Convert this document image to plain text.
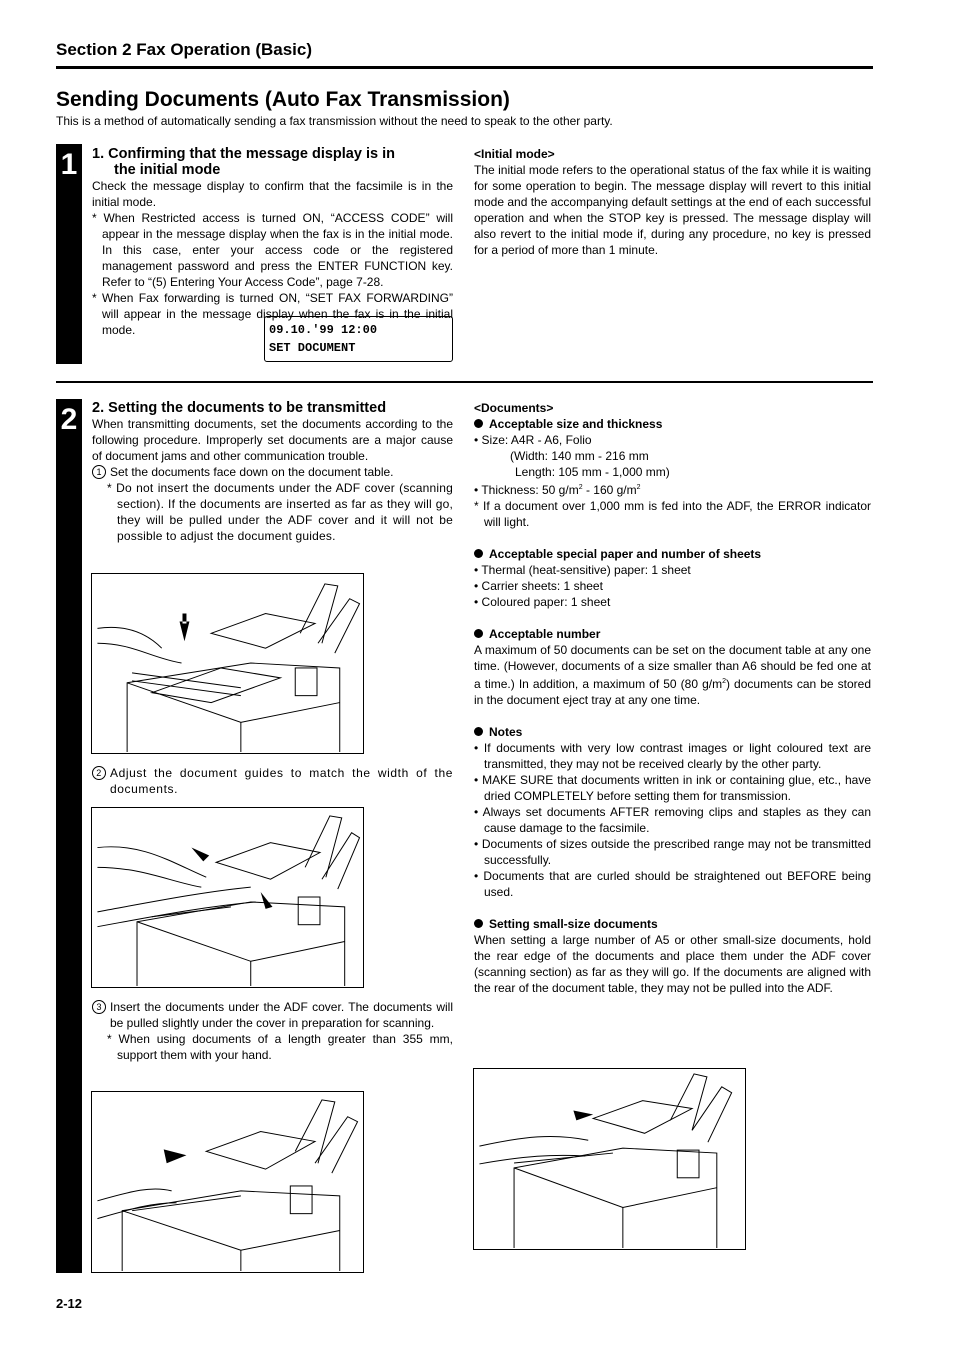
Section 2 Fax Operation (Basic)
Sending Documents (Auto Fax Transmission)
This is a method of automatically sending a fax transmission without the need to speak to the other party.
1	1. Confirming that the message display is in
the initial mode

Check the message display to confirm that the facsimile is in the initial mode.

* When Restricted access is turned ON, “ACCESS CODE” will appear in the message display when the fax is in the initial mode. In this case, enter your access code or the registered management password and press the ENTER FUNCTION key. Refer to “(5) Entering Your Access Code”, page 7-28.

* When Fax forwarding is turned ON, “SET FAX FORWARDING” will appear in the message display when the fax is in the initial mode.	09.10.'99 12:00
SET DOCUMENT
<Initial mode>

The initial mode refers to the operational status of the fax while it is waiting for some operation to begin. The message display will revert to this initial mode and the accompanying default settings at the end of each successful operation and when the STOP key is pressed. The message display will also revert to the initial mode if, during any procedure, no key is pressed for a period of more than 1 minute.

2	2. Setting the documents to be transmitted

When transmitting documents, set the documents according to the following procedure. Improperly set documents are a major cause of document jams and other communication trouble.

1 Set the documents face down on the document table.

* Do not insert the documents under the ADF cover (scanning section). If the documents are inserted as far as they will go, they will be pulled under the ADF cover and it will not be possible to adjust the document guides.

2 Adjust the document guides to match the width of the documents.

3 Insert the documents under the ADF cover. The documents will be pulled slightly under the cover in preparation for scanning.

* When using documents of a length greater than 355 mm, support them with your hand.

<Documents>
Acceptable size and thickness

• Size: A4R - A6, Folio

(Width: 140 mm - 216 mm

Length: 105 mm - 1,000 mm)

• Thickness: 50 $g/m^2 - 160$ $g/m^2$

* If a document over 1,000 mm is fed into the ADF, the ERROR indicator will light.

Acceptable special paper and number of sheets

• Thermal (heat-sensitive) paper: 1 sheet

• Carrier sheets: 1 sheet

• Coloured paper: 1 sheet

Acceptable number

A maximum of 50 documents can be set on the document table at any one time. (However, documents of a size smaller than A6 should be fed one at a time.) In addition, a maximum of 50 (80 $g/m^2$) documents can be stored in the document eject tray at any one time.

Notes

• If documents with very low contrast images or light coloured text are transmitted, they may not be received clearly by the other party.

• MAKE SURE that documents written in ink or containing glue, etc., have dried COMPLETELY before setting them for transmission.

• Always set documents AFTER removing clips and staples as they can cause damage to the facsimile.

• Documents of sizes outside the prescribed range may not be transmitted successfully.

• Documents that are curled should be straightened out BEFORE being used.

Setting small-size documents

When setting a large number of A5 or other small-size documents, hold the rear edge of the documents and place them under the ADF cover (scanning section) as far as they will go. If the documents are aligned with the rear of the document table, they may not be pulled into the ADF.

2-12
